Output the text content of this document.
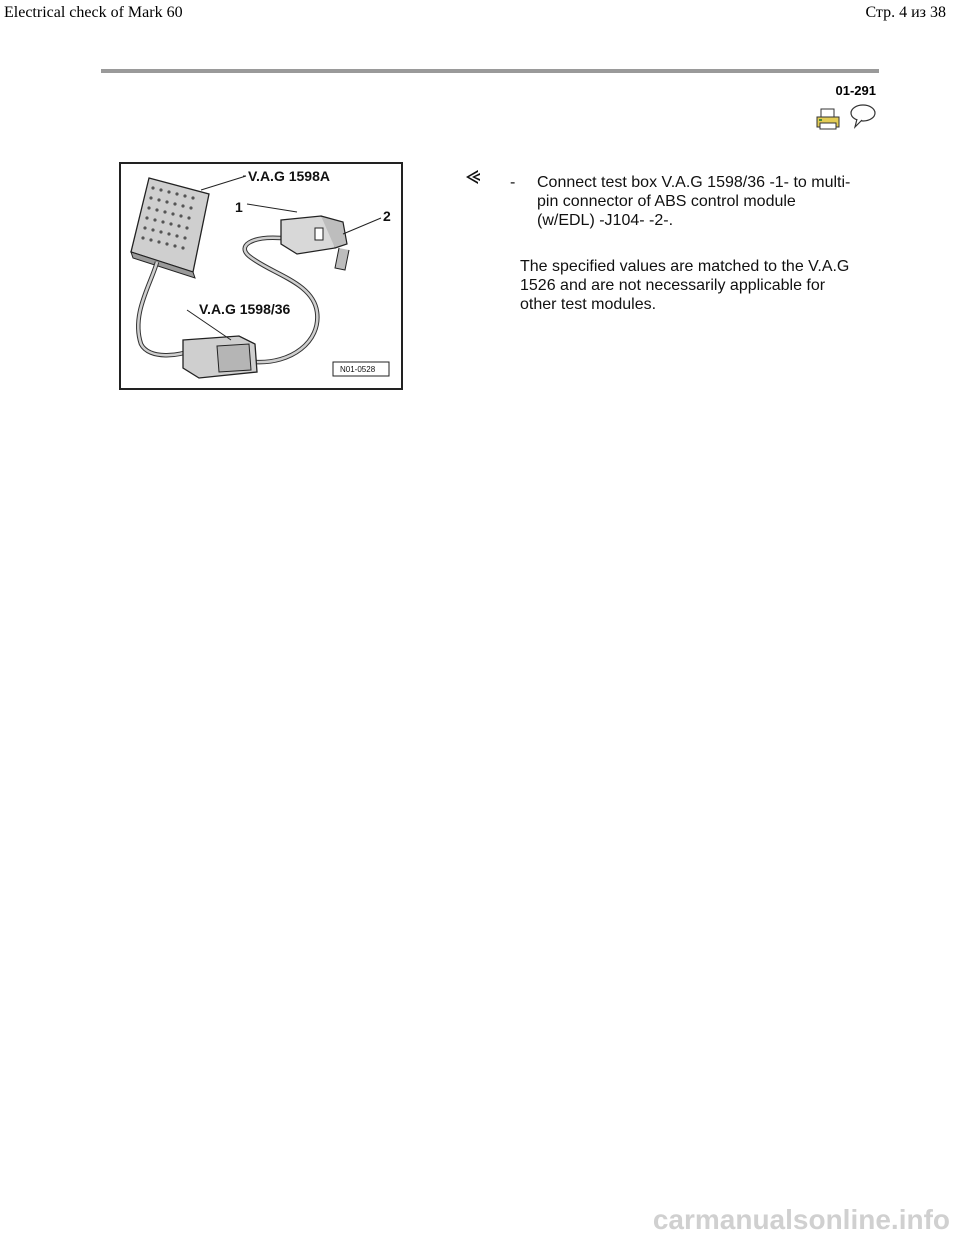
Electrical check of Mark 60	Стр. 4 из 38
01-291
V.A.G 1598A
1
2
V.A.G 1598/36
N01-0528
-	Connect test box V.A.G 1598/36 -1- to multi-pin connector of ABS control module (w/EDL) -J104- -2-.
The specified values are matched to the V.A.G 1526 and are not necessarily applicable for other test modules.
carmanualsonline.info
